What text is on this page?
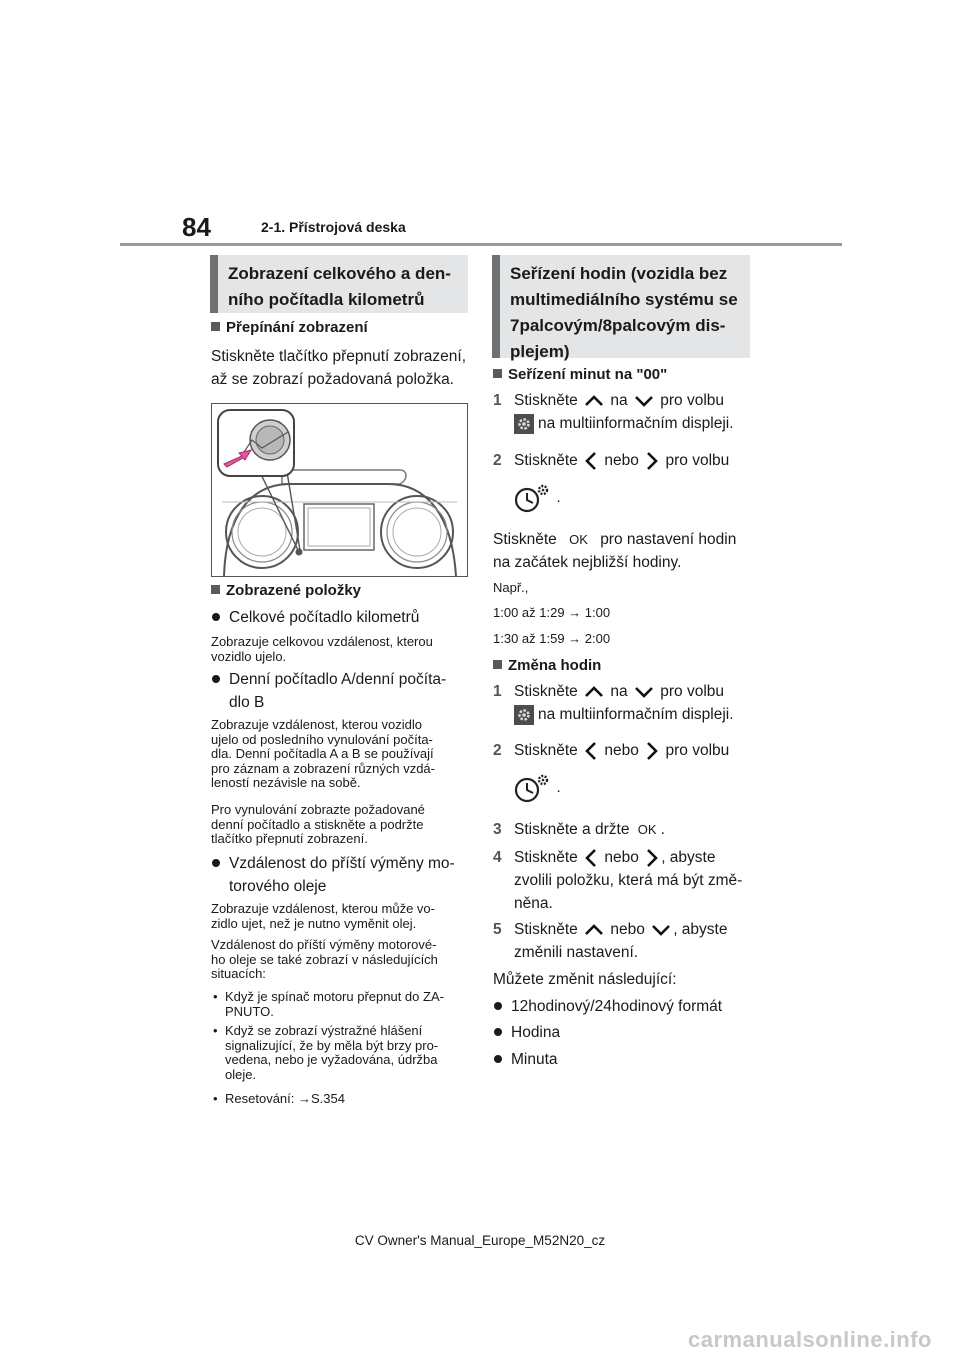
84	2-1. Přístrojová deska
Zobrazení celkového a den-
ního počítadla kilometrů
Přepínání zobrazení
Stiskněte tlačítko přepnutí zobrazení,
až se zobrazí požadovaná položka.
Zobrazené položky
Celkové počítadlo kilometrů
Zobrazuje celkovou vzdálenost, kterou
vozidlo ujelo.
Denní počítadlo A/denní počíta-
dlo B
Zobrazuje vzdálenost, kterou vozidlo
ujelo od posledního vynulování počíta-
dla. Denní počítadla A a B se používají
pro záznam a zobrazení různých vzdá-
leností nezávisle na sobě.
Pro vynulování zobrazte požadované
denní počítadlo a stiskněte a podržte
tlačítko přepnutí zobrazení.
Vzdálenost do příští výměny mo-
torového oleje
Zobrazuje vzdálenost, kterou může vo-
zidlo ujet, než je nutno vyměnit olej.
Vzdálenost do příští výměny motorové-
ho oleje se také zobrazí v následujících
situacích:
• Když je spínač motoru přepnut do ZA-
PNUTO.
• Když se zobrazí výstražné hlášení
signalizující, že by měla být brzy pro-
vedena, nebo je vyžadována, údržba
oleje.
• Resetování: →S.354
Seřízení hodin (vozidla bez
multimediálního systému se
7palcovým/8palcovým dis-
plejem)
Seřízení minut na "00"
1 Stiskněte na pro volbu
na multiinformačním displeji.
2 Stiskněte nebo pro volbu
.
Stiskněte OK pro nastavení hodin
na začátek nejbližší hodiny.
Např.,
1:00 až 1:29 → 1:00
1:30 až 1:59 → 2:00
Změna hodin
1 Stiskněte na pro volbu
na multiinformačním displeji.
2 Stiskněte nebo pro volbu
.
3 Stiskněte a držte OK .
4 Stiskněte nebo , abyste
zvolili položku, která má být změ-
něna.
5 Stiskněte nebo , abyste
změnili nastavení.
Můžete změnit následující:
12hodinový/24hodinový formát
Hodina
Minuta
CV Owner's Manual_Europe_M52N20_cz
carmanualsonline.info
